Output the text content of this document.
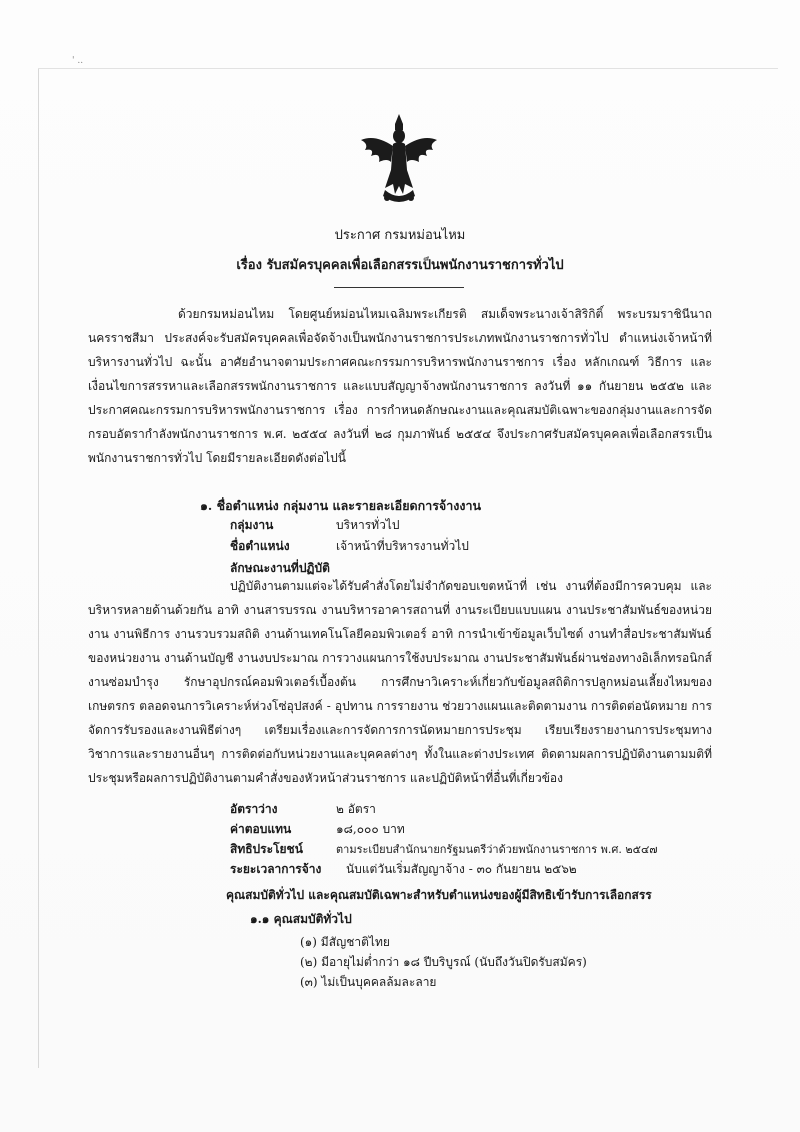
' ..
ประกาศ กรมหม่อนไหม
เรื่อง รับสมัครบุคคลเพื่อเลือกสรรเป็นพนักงานราชการทั่วไป
ด้วยกรมหม่อนไหม โดยศูนย์หม่อนไหมเฉลิมพระเกียรติ สมเด็จพระนางเจ้าสิริกิติ์ พระบรมราชินีนาถ นครราชสีมา ประสงค์จะรับสมัครบุคคลเพื่อจัดจ้างเป็นพนักงานราชการประเภทพนักงานราชการทั่วไป ตำแหน่งเจ้าหน้าที่บริหารงานทั่วไป ฉะนั้น อาศัยอำนาจตามประกาศคณะกรรมการบริหารพนักงานราชการ เรื่อง หลักเกณฑ์ วิธีการ และเงื่อนไขการสรรหาและเลือกสรรพนักงานราชการ และแบบสัญญาจ้างพนักงานราชการ ลงวันที่ ๑๑ กันยายน ๒๕๕๒ และประกาศคณะกรรมการบริหารพนักงานราชการ เรื่อง การกำหนดลักษณะงานและคุณสมบัติเฉพาะของกลุ่มงานและการจัดกรอบอัตรากำลังพนักงานราชการ พ.ศ. ๒๕๕๔ ลงวันที่ ๒๘ กุมภาพันธ์ ๒๕๕๔ จึงประกาศรับสมัครบุคคลเพื่อเลือกสรรเป็นพนักงานราชการทั่วไป โดยมีรายละเอียดดังต่อไปนี้
๑. ชื่อตำแหน่ง กลุ่มงาน และรายละเอียดการจ้างงาน
กลุ่มงาน	บริหารทั่วไป
ชื่อตำแหน่ง	เจ้าหน้าที่บริหารงานทั่วไป
ลักษณะงานที่ปฏิบัติ
ปฏิบัติงานตามแต่จะได้รับคำสั่งโดยไม่จำกัดขอบเขตหน้าที่ เช่น งานที่ต้องมีการควบคุม และบริหารหลายด้านด้วยกัน อาทิ งานสารบรรณ งานบริหารอาคารสถานที่ งานระเบียบแบบแผน งานประชาสัมพันธ์ของหน่วยงาน งานพิธีการ งานรวบรวมสถิติ งานด้านเทคโนโลยีคอมพิวเตอร์ อาทิ การนำเข้าข้อมูลเว็บไซต์ งานทำสื่อประชาสัมพันธ์ของหน่วยงาน งานด้านบัญชี งานงบประมาณ การวางแผนการใช้งบประมาณ งานประชาสัมพันธ์ผ่านช่องทางอิเล็กทรอนิกส์ งานซ่อมบำรุง รักษาอุปกรณ์คอมพิวเตอร์เบื้องต้น การศึกษาวิเคราะห์เกี่ยวกับข้อมูลสถิติการปลูกหม่อนเลี้ยงไหมของเกษตรกร ตลอดจนการวิเคราะห์ห่วงโซ่อุปสงค์ - อุปทาน การรายงาน ช่วยวางแผนและติดตามงาน การติดต่อนัดหมาย การจัดการรับรองและงานพิธีต่างๆ เตรียมเรื่องและการจัดการการนัดหมายการประชุม เรียบเรียงรายงานการประชุมทางวิชาการและรายงานอื่นๆ การติดต่อกับหน่วยงานและบุคคลต่างๆ ทั้งในและต่างประเทศ ติดตามผลการปฏิบัติงานตามมติที่ประชุมหรือผลการปฏิบัติงานตามคำสั่งของหัวหน้าส่วนราชการ และปฏิบัติหน้าที่อื่นที่เกี่ยวข้อง
อัตราว่าง	๒ อัตรา
ค่าตอบแทน	๑๘,๐๐๐ บาท
สิทธิประโยชน์	ตามระเบียบสำนักนายกรัฐมนตรีว่าด้วยพนักงานราชการ พ.ศ. ๒๕๔๗
ระยะเวลาการจ้าง นับแต่วันเริ่มสัญญาจ้าง - ๓๐ กันยายน ๒๕๖๒
คุณสมบัติทั่วไป และคุณสมบัติเฉพาะสำหรับตำแหน่งของผู้มีสิทธิเข้ารับการเลือกสรร
๑.๑ คุณสมบัติทั่วไป
(๑) มีสัญชาติไทย
(๒) มีอายุไม่ต่ำกว่า ๑๘ ปีบริบูรณ์ (นับถึงวันปิดรับสมัคร)
(๓) ไม่เป็นบุคคลล้มละลาย
